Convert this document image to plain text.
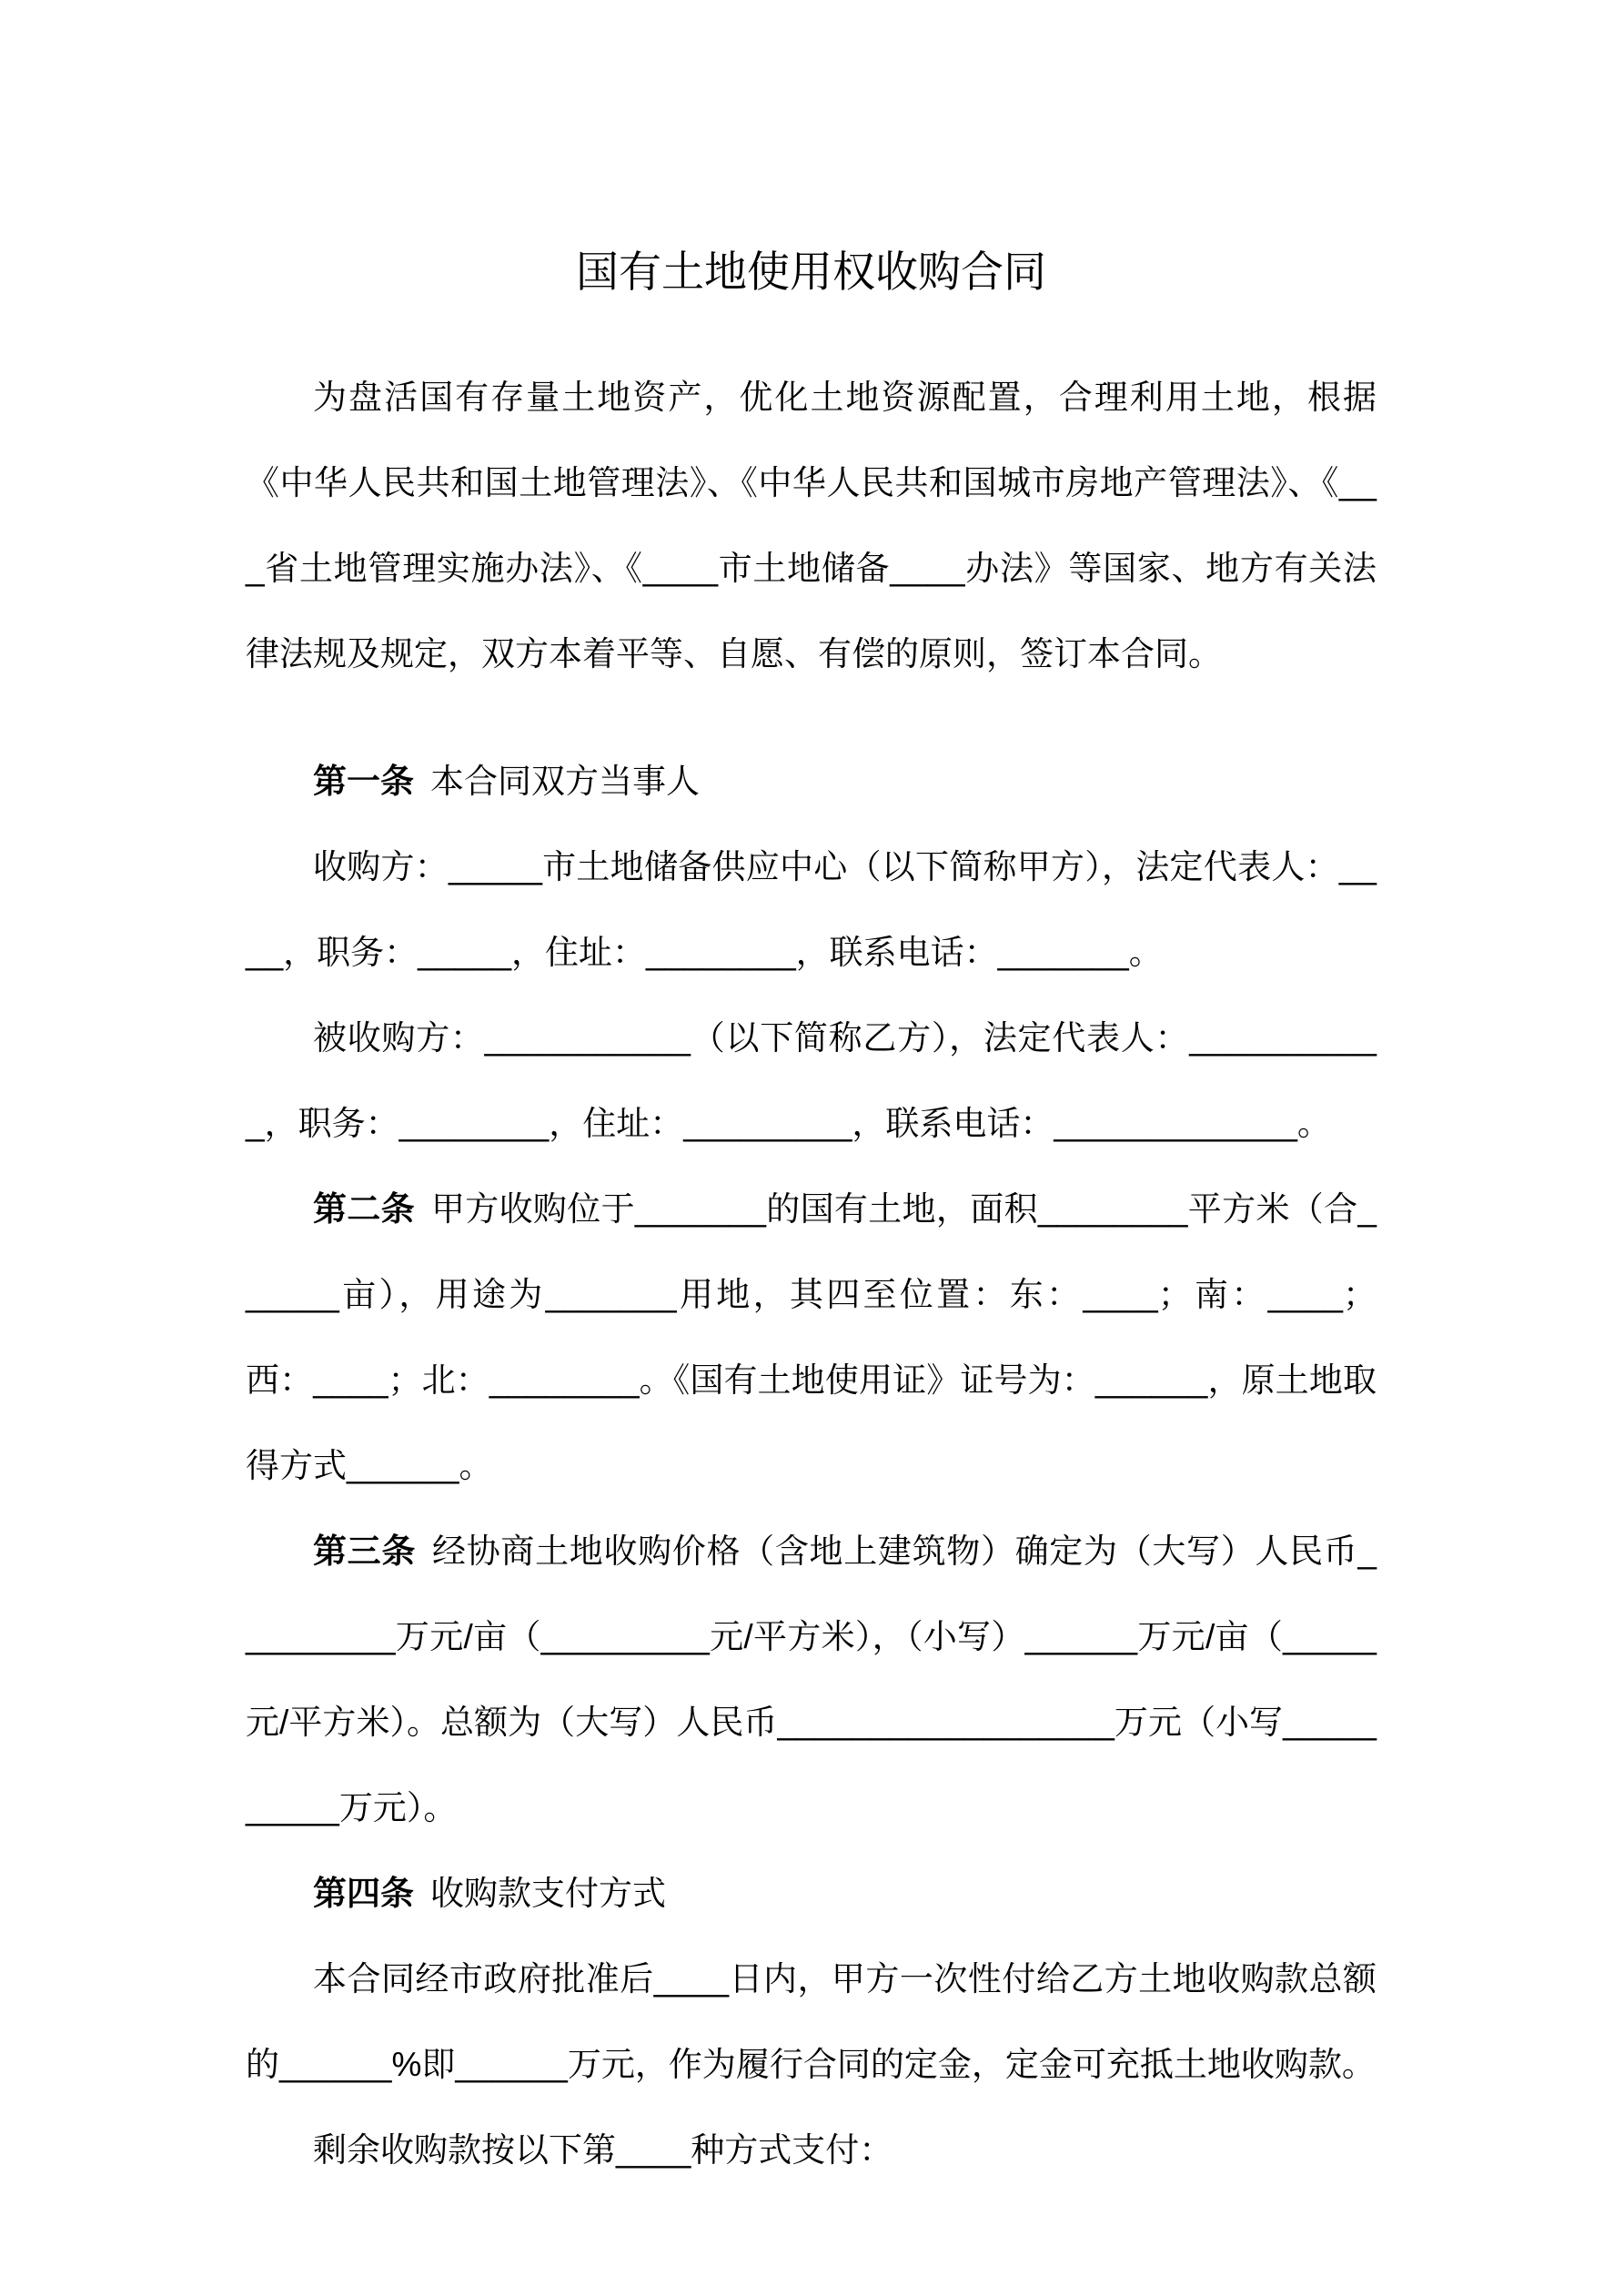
国有土地使用权收购合同

为盘活国有存量土地资产，优化土地资源配置，合理利用土地，根据《中华人民共和国土地管理法》、《中华人民共和国城市房地产管理法》、《___省土地管理实施办法》、《____市土地储备____办法》等国家、地方有关法律法规及规定，双方本着平等、自愿、有偿的原则，签订本合同。

第一条 本合同双方当事人

收购方：_____市土地储备供应中心（以下简称甲方），法定代表人：____，职务：_____，住址：________，联系电话：_______。

被收购方：___________（以下简称乙方），法定代表人：___________，职务：________，住址：_________，联系电话：_____________。

第二条 甲方收购位于_______的国有土地，面积________平方米（合______亩），用途为_______用地，其四至位置：东：____；南：____；西：____；北：________。《国有土地使用证》证号为：______，原土地取得方式______。

第三条 经协商土地收购价格（含地上建筑物）确定为（大写）人民币_________万元/亩（_________元/平方米），（小写）______万元/亩（_____元/平方米）。总额为（大写）人民币__________________万元（小写__________万元）。

第四条 收购款支付方式

本合同经市政府批准后____日内，甲方一次性付给乙方土地收购款总额的______%即______万元，作为履行合同的定金，定金可充抵土地收购款。

剩余收购款按以下第____种方式支付：
